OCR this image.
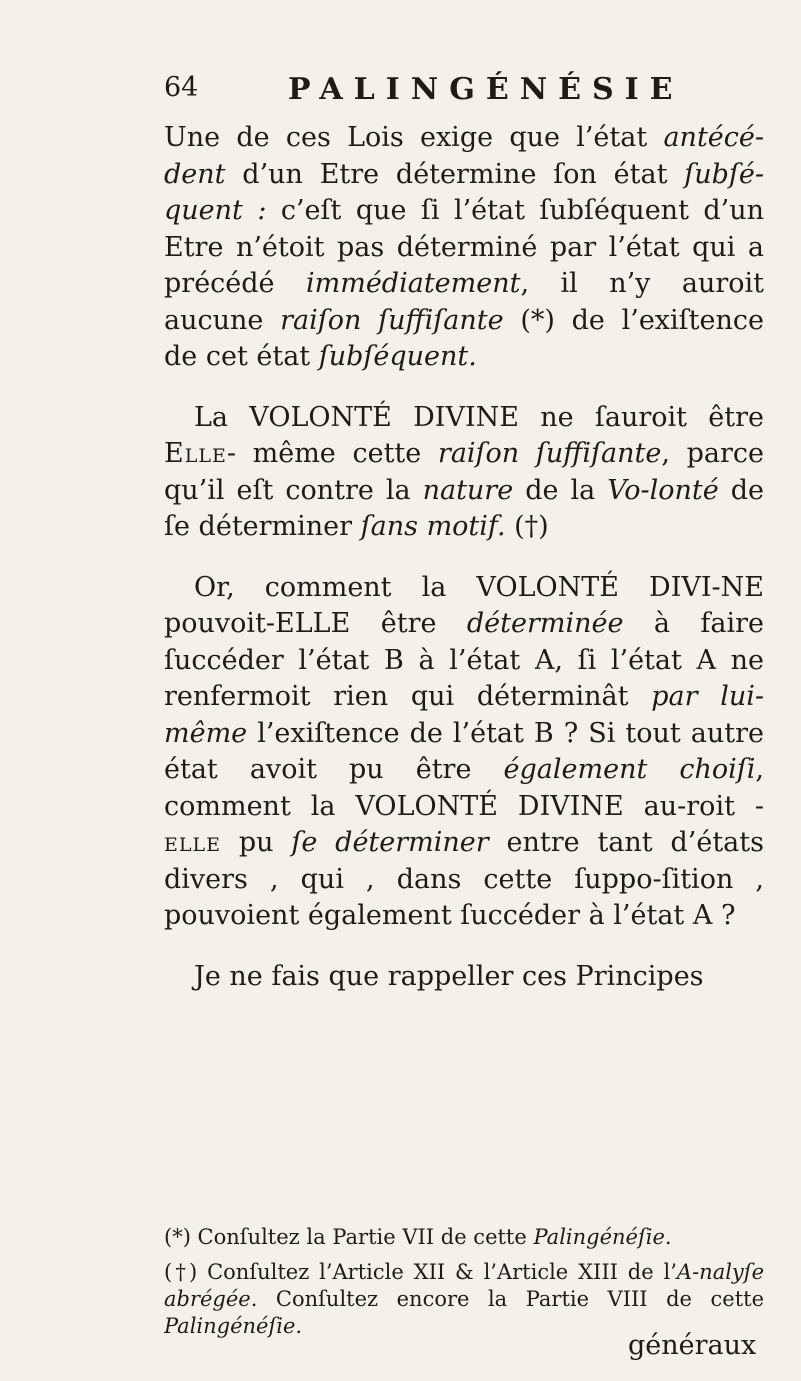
64	PALINGÉNÉSIE

Une de ces Lois exige que l’état antécé-dent d’un Etre détermine ſon état ſubſé-quent : c’eſt que ſi l’état ſubſéquent d’un Etre n’étoit pas déterminé par l’état qui a précédé immédiatement, il n’y auroit aucune raiſon ſuffiſante (*) de l’exiſtence de cet état ſubſéquent.

La VOLONTÉ DIVINE ne ſauroit être Elle- même cette raiſon ſuffiſante, parce qu’il eſt contre la nature de la Vo-lonté de ſe déterminer ſans motif. (†)

Or, comment la VOLONTÉ DIVI-NE pouvoit-ELLE être déterminée à faire ſuccéder l’état B à l’état A, ſi l’état A ne renfermoit rien qui déterminât par lui-même l’exiſtence de l’état B ? Si tout autre état avoit pu être également choiſi, comment la VOLONTÉ DIVINE au-roit - elle pu ſe déterminer entre tant d’états divers , qui , dans cette ſuppo-ſition , pouvoient également ſuccéder à l’état A ?

Je ne fais que rappeller ces Principes

(*) Conſultez la Partie VII de cette Palingénéſie.

(†) Conſultez l’Article XII & l’Article XIII de l’A-nalyſe abrégée. Conſultez encore la Partie VIII de cette Palingénéſie.

généraux
